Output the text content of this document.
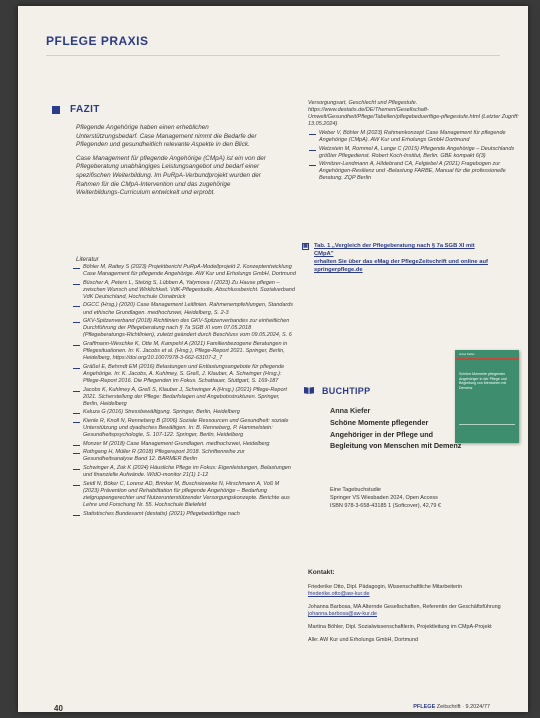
PFLEGE PRAXIS
FAZIT

Pflegende Angehörige haben einen erheblichen Unterstützungsbedarf. Case Management nimmt die Bedarfe der Pflegenden und gesundheitlich relevante Aspekte in den Blick.

Case Management für pflegende Angehörige (CMpA) ist ein von der Pflegeberatung unabhängiges Leistungsangebot und bedarf einer spezifischen Weiterbildung. Im PuRpA-Verbundprojekt wurden der Rahmen für die CMpA-Intervention und das zugehörige Weiterbildungs-Curriculum entwickelt und erprobt.

Literatur
Böhler M, Rattey S (2023) Projektbericht PuRpA-Modellprojekt 2. Konzeptentwicklung Case Management für pflegende Angehörige. AW Kur und Erholungs GmbH, Dortmund
Büscher A, Peters L, Stelzig S, Lübben A, Yalymova I (2023) Zu Hause pflegen – zwischen Wunsch und Wirklichkeit. VdK-Pflegestudie, Abschlussbericht. Sozialverband VdK Deutschland, Hochschule Osnabrück
DGCC (Hrsg.) (2020) Case Management Leitlinien. Rahmenempfehlungen, Standards und ethische Grundlagen. medhochzwei, Heidelberg, S. 2-3
GKV-Spitzenverband (2018) Richtlinien des GKV-Spitzenverbandes zur einheitlichen Durchführung der Pflegeberatung nach § 7a SGB XI vom 07.05.2018 (Pflegeberatungs-Richtlinien), zuletzt geändert durch Beschluss vom 09.05.2024, S. 6
Graffmann-Weschke K, Otte M, Kampehl A (2021) Familienbezogene Beratungen in Pflegesituationen. In: K. Jacobs et al. (Hrsg.), Pflege-Report 2021. Springer, Berlin, Heidelberg, https://doi.org/10.1007/978-3-662-63107-2_7
Gräßel E, Behrndt EM (2016) Belastungen und Entlastungsangebote für pflegende Angehörige. In: K. Jacobs, A. Kuhlmey, S. Greß, J. Klauber, A. Schwinger (Hrsg.): Pflege-Report 2016. Die Pflegenden im Fokus. Schattauer, Stuttgart, S. 169-187
Jacobs K, Kuhlmey A, Greß S, Klauber J, Schwinger A (Hrsg.) (2021) Pflege-Report 2021. Sicherstellung der Pflege: Bedarfslagen und Angebotsstrukturen. Springer, Berlin, Heidelberg
Kaluza G (2016) Stressbewältigung. Springer, Berlin, Heidelberg
Kienle R, Knoll N, Renneberg B (2006) Soziale Ressourcen und Gesundheit: soziale Unterstützung und dyadisches Bewältigen. In: B. Renneberg, P. Hammelstein: Gesundheitspsychologie, S. 107-122. Springer, Berlin, Heidelberg
Monzer M (2018) Case Management Grundlagen. medhochzwei, Heidelberg
Rothgang H, Müller R (2018) Pflegereport 2018. Schriftenreihe zur Gesundheitsanalyse Band 12. BARMER Berlin
Schwinger A, Zok K (2024) Häusliche Pflege im Fokus: Eigenleistungen, Belastungen und finanzielle Aufwände. WIdO-monitor 21(1) 1-12
Seidl N, Böker C, Lorenz AD, Brinker M, Buschsieweke N, Hirschmann A, Voß M (2023) Prävention und Rehabilitation für pflegende Angehörige – Bedarfung zielgruppengerechter und Nutzerunterstützender Versorgungskonzepte. Berichte aus Lehre und Forschung Nr. 55. Hochschule Bielefeld
Statistisches Bundesamt (destatis) (2021) Pflegebedürftige nach
Versorgungsart, Geschlecht und Pflegestufe. https://www.destatis.de/DE/Themen/Gesellschaft-Umwelt/Gesundheit/Pflege/Tabellen/pflegebeduerftige-pflegestufe.html (Letzter Zugriff: 13.05.2024)
Weber V, Böhler M (2023) Rahmenkonzept Case Management für pflegende Angehörige (CMpA). AW Kur und Erholungs GmbH Dortmund
Wetzstein M, Rommel A, Lange C (2015) Pflegende Angehörige – Deutschlands größter Pflegedienst. Robert Koch-Institut, Berlin. GBE kompakt 6(3)
Wirnitzer-Lendmann A, Hildebrand CA, Felgiebel A (2021) Fragebogen zur Angehörigen-Resilienz und -Belastung FARBE, Manual für die professionelle Beratung. ZQP Berlin
▦ Tab. 1 „Vergleich der Pflegeberatung nach § 7a SGB XI mit CMpA"
erhalten Sie über das eMag der PflegeZeitschrift und online auf
springerpflege.de
Anna Kiefer
Schöne Momente pflegender Angehöriger in der Pflege und Begleitung von Menschen mit Demenz
BUCHTIPP
Anna Kiefer
Schöne Momente pflegender Angehöriger in der Pflege und Begleitung von Menschen mit Demenz
Eine Tagebuchstudie
Springer VS Wiesbaden 2024, Open Access
ISBN 978-3-658-43185 1 (Softcover), 42,79 €
Kontakt:
Friederike Otto, Dipl. Pädagogin, Wissenschaftliche Mitarbeiterin
friederike.otto@aw-kur.de
Johanna Barbosa, MA Alternde Gesellschaften, Referentin der Geschäftsführung
johanna.barbosa@aw-kur.de
Martina Böhler, Dipl. Sozialwissenschaftlerin, Projektleitung im CMpA-Projekt
Alle: AW Kur und Erholungs GmbH, Dortmund
40	PFLEGE Zeitschrift · 9.2024/77
